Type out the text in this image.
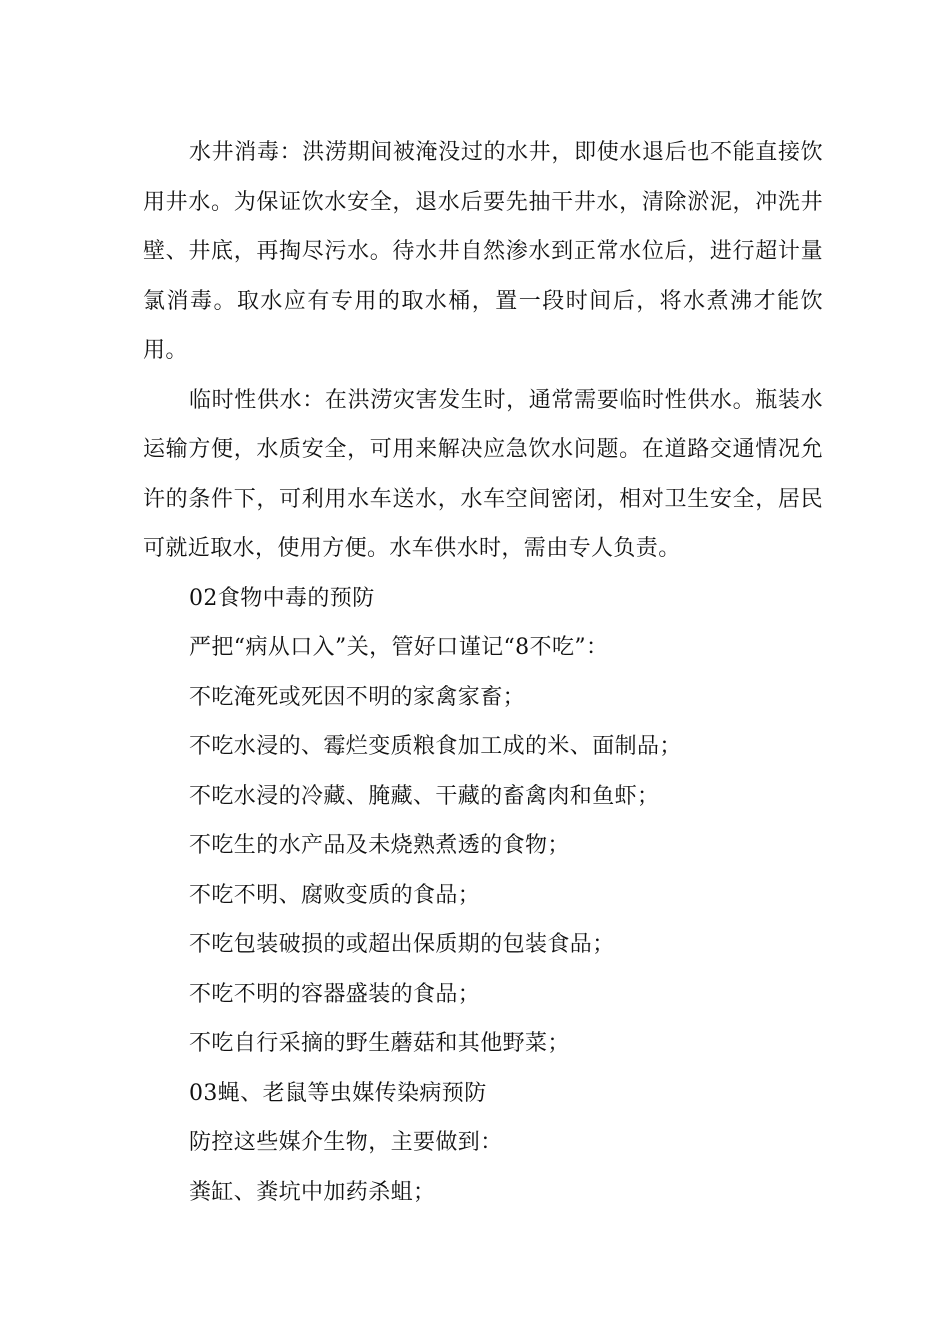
水井消毒：洪涝期间被淹没过的水井，即使水退后也不能直接饮用井水。为保证饮水安全，退水后要先抽干井水，清除淤泥，冲洗井壁、井底，再掏尽污水。待水井自然渗水到正常水位后，进行超计量氯消毒。取水应有专用的取水桶，置一段时间后，将水煮沸才能饮用。

临时性供水：在洪涝灾害发生时，通常需要临时性供水。瓶装水运输方便，水质安全，可用来解决应急饮水问题。在道路交通情况允许的条件下，可利用水车送水，水车空间密闭，相对卫生安全，居民可就近取水，使用方便。水车供水时，需由专人负责。

02食物中毒的预防

严把“病从口入”关，管好口谨记“8不吃”：

不吃淹死或死因不明的家禽家畜；

不吃水浸的、霉烂变质粮食加工成的米、面制品；

不吃水浸的冷藏、腌藏、干藏的畜禽肉和鱼虾；

不吃生的水产品及未烧熟煮透的食物；

不吃不明、腐败变质的食品；

不吃包装破损的或超出保质期的包装食品；

不吃不明的容器盛装的食品；

不吃自行采摘的野生蘑菇和其他野菜；

03蝇、老鼠等虫媒传染病预防

防控这些媒介生物，主要做到：

粪缸、粪坑中加药杀蛆；
